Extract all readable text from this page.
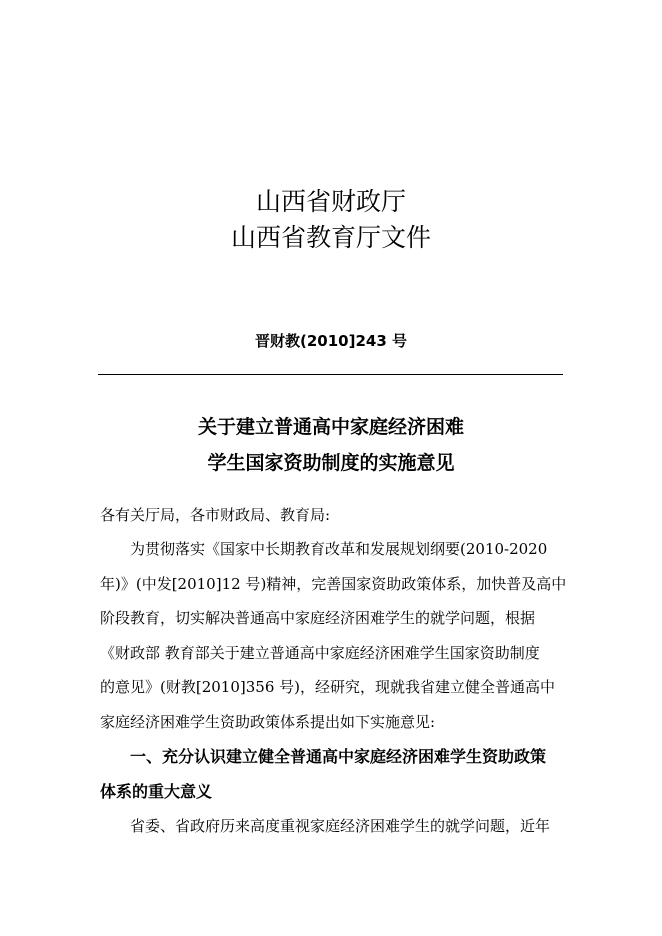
山西省财政厅
山西省教育厅文件
晋财教(2010]243 号
关于建立普通高中家庭经济困难
学生国家资助制度的实施意见
各有关厅局，各市财政局、教育局:
为贯彻落实《国家中长期教育改革和发展规划纲要(2010-2020
年)》(中发[2010]12 号)精神，完善国家资助政策体系，加快普及高中
阶段教育，切实解决普通高中家庭经济困难学生的就学问题，根据
《财政部 教育部关于建立普通高中家庭经济困难学生国家资助制度
的意见》(财教[2010]356 号)，经研究，现就我省建立健全普通高中
家庭经济困难学生资助政策体系提出如下实施意见:
一、充分认识建立健全普通高中家庭经济困难学生资助政策
体系的重大意义
省委、省政府历来高度重视家庭经济困难学生的就学问题，近年
